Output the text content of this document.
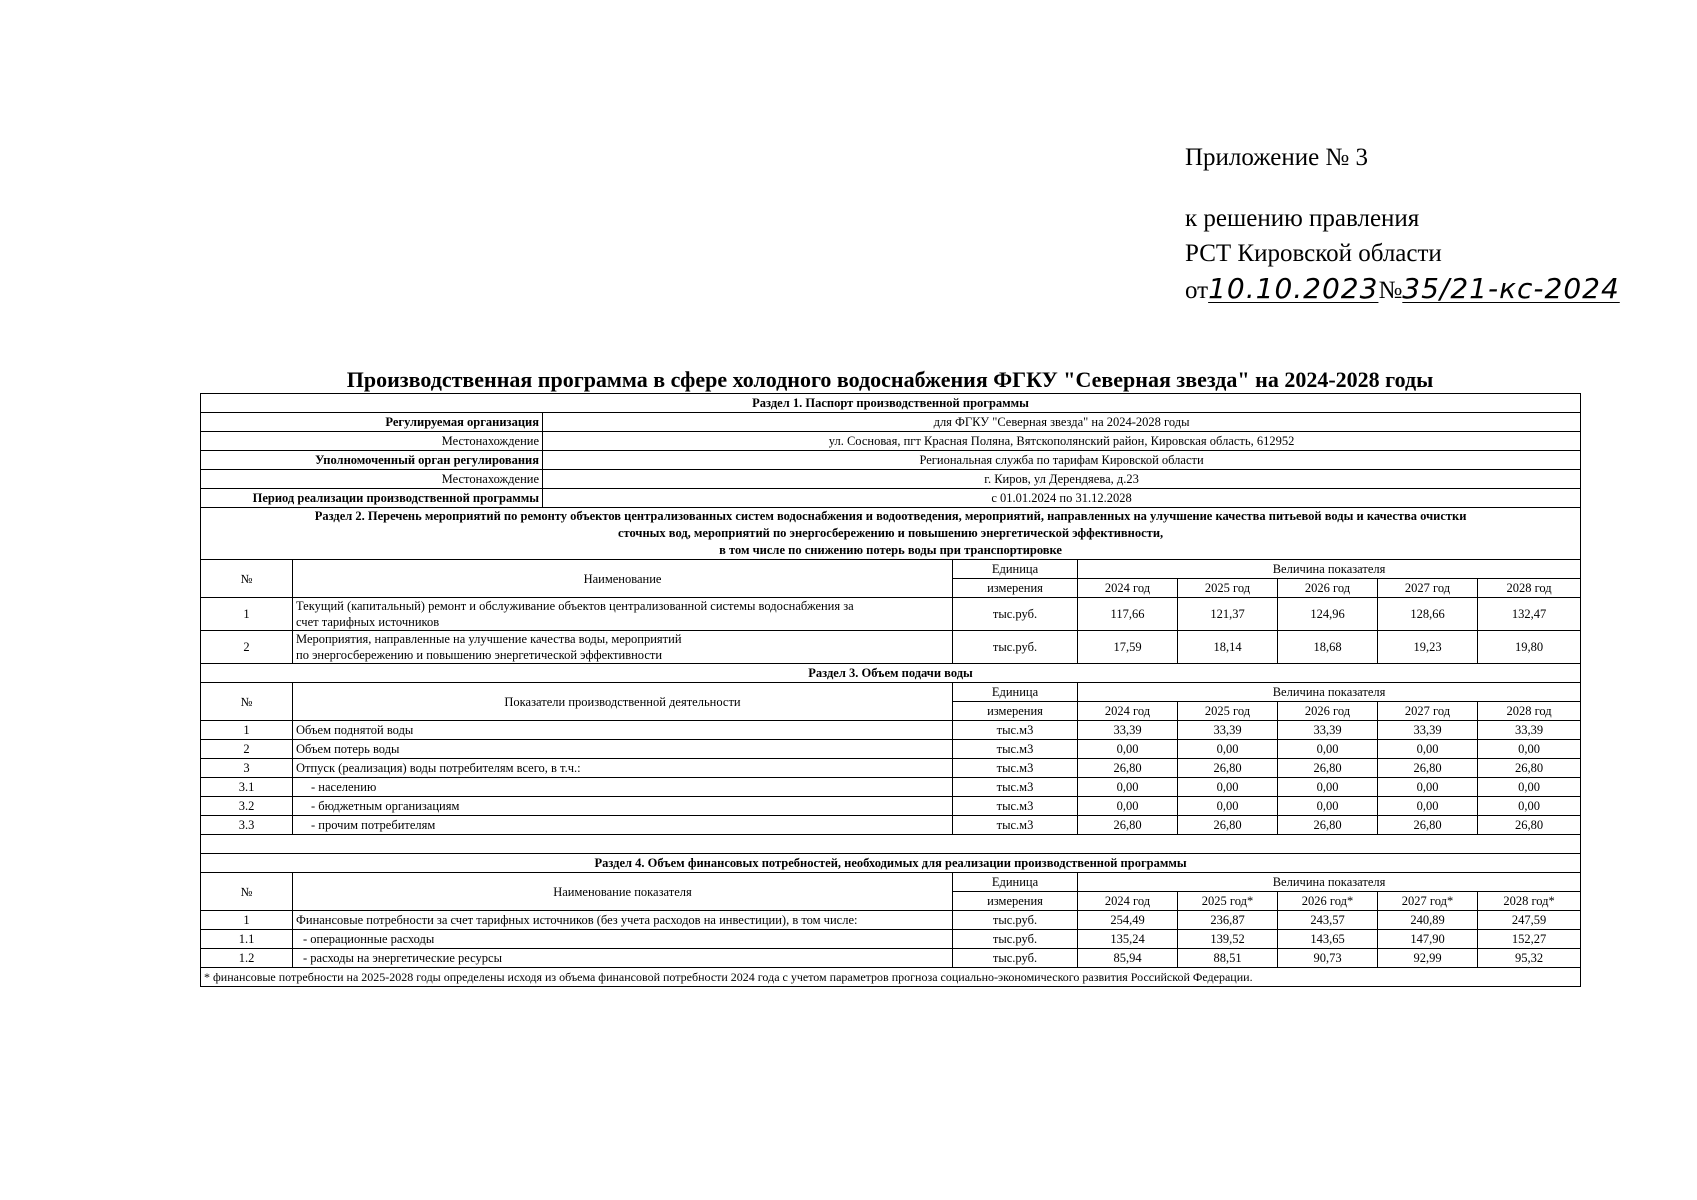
Приложение № 3
к решению правления
РСТ Кировской области
от10.10.2023№35/21-кс-2024
Производственная программа в сфере холодного водоснабжения ФГКУ "Северная звезда" на 2024-2028 годы
Раздел 1. Паспорт производственной программы								
Регулируемая организация		для ФГКУ "Северная звезда" на 2024-2028 годы						
Местонахождение		ул. Сосновая, пгт Красная Поляна, Вятскополянский район, Кировская область, 612952						
Уполномоченный орган регулирования		Региональная служба по тарифам Кировской области						
Местонахождение		г. Киров, ул Дерендяева, д.23						
Период реализации производственной программы		с 01.01.2024 по 31.12.2028						

Раздел 2. Перечень мероприятий по ремонту объектов централизованных систем водоснабжения и водоотведения, мероприятий, направленных на улучшение качества питьевой воды и качества очистки
сточных вод, мероприятий по энергосбережению и повышению энергетической эффективности,
в том числе по снижению потерь воды при транспортировке								

№	Наименование		Единица	Величина показателя				
			измерения	2024 год	2025 год	2026 год	2027 год	2028 год
1	Текущий (капитальный) ремонт и обслуживание объектов централизованной системы водоснабжения за
счет тарифных источников		тыс.руб.	117,66	121,37	124,96	128,66	132,47
2	Мероприятия, направленные на улучшение качества воды, мероприятий
по энергосбережению и повышению энергетической эффективности		тыс.руб.	17,59	18,14	18,68	19,23	19,80
Раздел 3. Объем подачи воды								
№	Показатели производственной деятельности		Единица	Величина показателя				
			измерения	2024 год	2025 год	2026 год	2027 год	2028 год
1	Объем поднятой воды		тыс.м3	33,39	33,39	33,39	33,39	33,39
2	Объем потерь воды		тыс.м3	0,00	0,00	0,00	0,00	0,00
3	Отпуск (реализация) воды потребителям всего, в т.ч.:		тыс.м3	26,80	26,80	26,80	26,80	26,80
3.1	- населению		тыс.м3	0,00	0,00	0,00	0,00	0,00
3.2	- бюджетным организациям		тыс.м3	0,00	0,00	0,00	0,00	0,00
3.3	- прочим потребителям		тыс.м3	26,80	26,80	26,80	26,80	26,80

Раздел 4. Объем финансовых потребностей, необходимых для реализации производственной программы								
№	Наименование показателя		Единица	Величина показателя				
			измерения	2024 год	2025 год*	2026 год*	2027 год*	2028 год*
1	Финансовые потребности за счет тарифных источников (без учета расходов на инвестиции), в том числе:		тыс.руб.	254,49	236,87	243,57	240,89	247,59
1.1	- операционные расходы		тыс.руб.	135,24	139,52	143,65	147,90	152,27
1.2	- расходы на энергетические ресурсы		тыс.руб.	85,94	88,51	90,73	92,99	95,32
* финансовые потребности на 2025-2028 годы определены исходя из объема финансовой потребности 2024 года с учетом параметров прогноза социально-экономического развития Российской Федерации.								
